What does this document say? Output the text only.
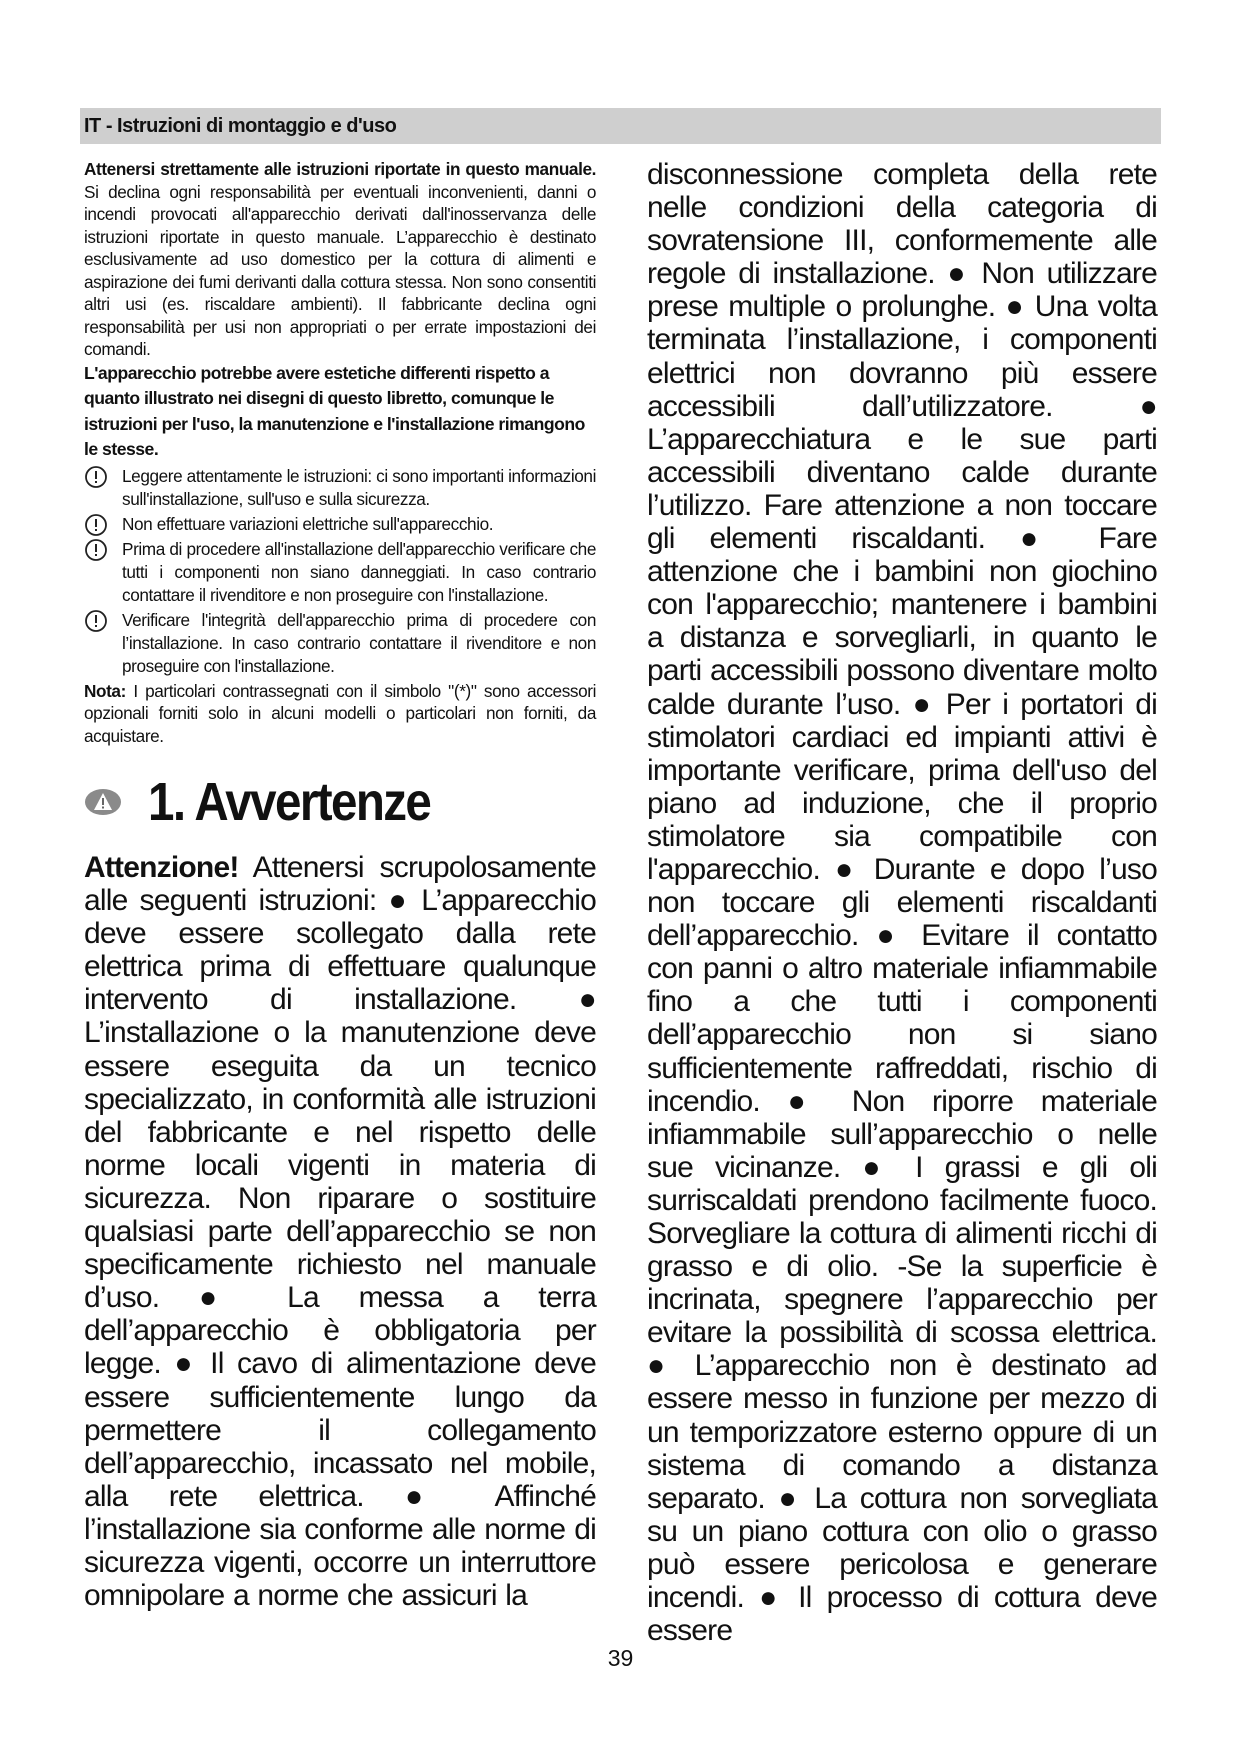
IT - Istruzioni di montaggio e d'uso

Attenersi strettamente alle istruzioni riportate in questo manuale. Si declina ogni responsabilità per eventuali inconvenienti, danni o incendi provocati all'apparecchio derivati dall'inosservanza delle istruzioni riportate in questo manuale. L’apparecchio è destinato esclusivamente ad uso domestico per la cottura di alimenti e aspirazione dei fumi derivanti dalla cottura stessa. Non sono consentiti altri usi (es. riscaldare ambienti). Il fabbricante declina ogni responsabilità per usi non appropriati o per errate impostazioni dei comandi.

L'apparecchio potrebbe avere estetiche differenti rispetto a quanto illustrato nei disegni di questo libretto, comunque le istruzioni per l'uso, la manutenzione e l'installazione rimangono le stesse.

Leggere attentamente le istruzioni: ci sono importanti informazioni sull'installazione, sull'uso e sulla sicurezza.
Non effettuare variazioni elettriche sull'apparecchio.
Prima di procedere all'installazione dell'apparecchio verificare che tutti i componenti non siano danneggiati. In caso contrario contattare il rivenditore e non proseguire con l'installazione.
Verificare l'integrità dell'apparecchio prima di procedere con l’installazione. In caso contrario contattare il rivenditore e non proseguire con l'installazione.

Nota: I particolari contrassegnati con il simbolo "(*)" sono accessori opzionali forniti solo in alcuni modelli o particolari non forniti, da acquistare.

1. Avvertenze

Attenzione! Attenersi scrupolosamente alle seguenti istruzioni: ● L’apparecchio deve essere scollegato dalla rete elettrica prima di effettuare qualunque intervento di installazione. ● L’installazione o la manutenzione deve essere eseguita da un tecnico specializzato, in conformità alle istruzioni del fabbricante e nel rispetto delle norme locali vigenti in materia di sicurezza. Non riparare o sostituire qualsiasi parte dell’apparecchio se non specificamente richiesto nel manuale d’uso. ● La messa a terra dell’apparecchio è obbligatoria per legge. ● Il cavo di alimentazione deve essere sufficientemente lungo da permettere il collegamento dell’apparecchio, incassato nel mobile, alla rete elettrica. ● Affinché l’installazione sia conforme alle norme di sicurezza vigenti, occorre un interruttore omnipolare a norme che assicuri la

disconnessione completa della rete nelle condizioni della categoria di sovratensione III, conformemente alle regole di installazione. ● Non utilizzare prese multiple o prolunghe. ● Una volta terminata l’installazione, i componenti elettrici non dovranno più essere accessibili dall’utilizzatore. ● L’apparecchiatura e le sue parti accessibili diventano calde durante l’utilizzo. Fare attenzione a non toccare gli elementi riscaldanti. ● Fare attenzione che i bambini non giochino con l'apparecchio; mantenere i bambini a distanza e sorvegliarli, in quanto le parti accessibili possono diventare molto calde durante l’uso. ● Per i portatori di stimolatori cardiaci ed impianti attivi è importante verificare, prima dell'uso del piano ad induzione, che il proprio stimolatore sia compatibile con l'apparecchio. ● Durante e dopo l’uso non toccare gli elementi riscaldanti dell’apparecchio. ● Evitare il contatto con panni o altro materiale infiammabile fino a che tutti i componenti dell’apparecchio non si siano sufficientemente raffreddati, rischio di incendio. ● Non riporre materiale infiammabile sull’apparecchio o nelle sue vicinanze. ● I grassi e gli oli surriscaldati prendono facilmente fuoco. Sorvegliare la cottura di alimenti ricchi di grasso e di olio. -Se la superficie è incrinata, spegnere l’apparecchio per evitare la possibilità di scossa elettrica. ● L’apparecchio non è destinato ad essere messo in funzione per mezzo di un temporizzatore esterno oppure di un sistema di comando a distanza separato. ● La cottura non sorvegliata su un piano cottura con olio o grasso può essere pericolosa e generare incendi. ● Il processo di cottura deve essere

39
